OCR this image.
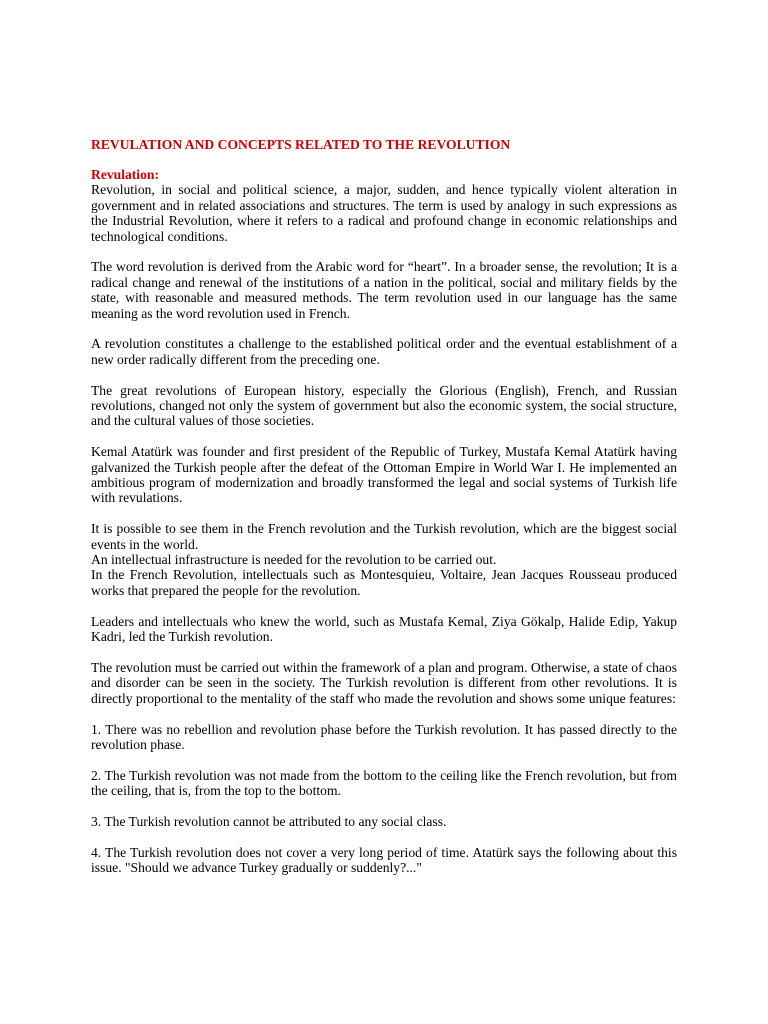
REVULATION AND CONCEPTS RELATED TO THE REVOLUTION
Revulation:

Revolution, in social and political science, a major, sudden, and hence typically violent alteration in government and in related associations and structures. The term is used by analogy in such expressions as the Industrial Revolution, where it refers to a radical and profound change in economic relationships and technological conditions.

The word revolution is derived from the Arabic word for “heart”. In a broader sense, the revolution; It is a radical change and renewal of the institutions of a nation in the political, social and military fields by the state, with reasonable and measured methods. The term revolution used in our language has the same meaning as the word revolution used in French.

A revolution constitutes a challenge to the established political order and the eventual establishment of a new order radically different from the preceding one.

The great revolutions of European history, especially the Glorious (English), French, and Russian revolutions, changed not only the system of government but also the economic system, the social structure, and the cultural values of those societies.

Kemal Atatürk was founder and first president of the Republic of Turkey, Mustafa Kemal Atatürk having galvanized the Turkish people after the defeat of the Ottoman Empire in World War I. He implemented an ambitious program of modernization and broadly transformed the legal and social systems of Turkish life with revulations.

It is possible to see them in the French revolution and the Turkish revolution, which are the biggest social events in the world.

An intellectual infrastructure is needed for the revolution to be carried out.

In the French Revolution, intellectuals such as Montesquieu, Voltaire, Jean Jacques Rousseau produced works that prepared the people for the revolution.

Leaders and intellectuals who knew the world, such as Mustafa Kemal, Ziya Gökalp, Halide Edip, Yakup Kadri, led the Turkish revolution.

The revolution must be carried out within the framework of a plan and program. Otherwise, a state of chaos and disorder can be seen in the society. The Turkish revolution is different from other revolutions. It is directly proportional to the mentality of the staff who made the revolution and shows some unique features:

1. There was no rebellion and revolution phase before the Turkish revolution. It has passed directly to the revolution phase.

2. The Turkish revolution was not made from the bottom to the ceiling like the French revolution, but from the ceiling, that is, from the top to the bottom.

3. The Turkish revolution cannot be attributed to any social class.

4. The Turkish revolution does not cover a very long period of time. Atatürk says the following about this issue. "Should we advance Turkey gradually or suddenly?..."
